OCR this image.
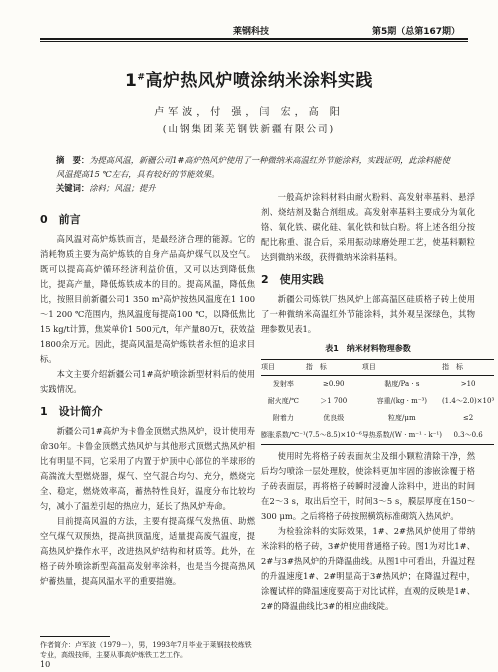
莱钢科技	第5期（总第167期）
1#高炉热风炉喷涂纳米涂料实践
卢军波，付 强，闫 宏，高 阳
(山钢集团莱芜钢铁新疆有限公司)
摘　要：为提高风温，新疆公司1#高炉热风炉使用了一种微纳米高温红外节能涂料，实践证明，此涂料能使风温提高15 ℃左右，具有较好的节能效果。
关键词：涂料；风温；提升
0　前言

高风温对高炉炼铁而言，是最经济合理的能源。它的消耗物质主要为高炉炼铁的自身产品高炉煤气以及空气。既可以提高高炉循环经济利益价值，又可以达到降低焦比，提高产量，降低炼铁成本的目的。提高风温，降低焦比，按照目前新疆公司1 350 m³高炉按热风温度在1 100～1 200 ℃范围内，热风温度每提高100 ℃，以降低焦比15 kg/t计算，焦炭单价1 500元/t，年产量80万t，获效益1800余万元。因此，提高风温是高炉炼铁者永恒的追求目标。

本文主要介绍新疆公司1#高炉喷涂新型材料后的使用实践情况。

1　设计简介

新疆公司1#高炉为卡鲁金顶燃式热风炉，设计使用寿命30年。卡鲁金顶燃式热风炉与其他形式顶燃式热风炉相比有明显不同，它采用了内置于炉顶中心部位的半球形的高湍流大型燃烧器，煤气、空气混合均匀、充分，燃烧完全、稳定，燃烧效率高，蓄热特性良好，温度分布比较均匀，减小了温差引起的热应力，延长了热风炉寿命。

目前提高风温的方法，主要有提高煤气发热值、助燃空气煤气双预热，提高拱顶温度，适量提高废气温度，提高热风炉操作水平，改进热风炉结构和材质等。此外，在格子砖外喷涂新型高温高发射率涂料，也是当今提高热风炉蓄热量，提高风温水平的重要措施。

一般高炉涂料材料由耐火粉料、高发射率基料、悬浮剂、烧结剂及黏合剂组成。高发射率基料主要成分为氧化铬、氧化铁、碳化硅、氧化铁和钛白粉。将上述各组分按配比称重、混合后，采用振动球磨处理工艺，使基料颗粒达到微纳米级，获得微纳米涂料基料。

2　使用实践

新疆公司炼铁厂热风炉上部高温区硅质格子砖上使用了一种微纳米高温红外节能涂料，其外观呈深绿色，其物理参数见表1。

表1　纳米材料物理参数
项目	指　标	项目	指　标
发射率	≥0.90	黏度/Pa · s	>10
耐火度/℃	＞1 700	容重/(kg · m⁻³)	(1.4～2.0)×10³
附着力	优良级	粒度/μm	≤2
膨胀系数/℃⁻¹	(7.5～8.5)×10⁻⁶	导热系数/(W · m⁻¹ · k⁻¹)	0.3～0.6

使用时先将格子砖表面灰尘及细小颗粒清除干净，然后均匀喷涂一层处理胶，使涂料更加牢固的渗嵌涂覆于格子砖表面层，再将格子砖瞬时浸瀹人涂料中，进出的时间在2～3 s，取出后空干，时间3～5 s，膜层厚度在150～300 μm。之后将格子砖按照横筑标准砌筑入热风炉。

为检验涂料的实际效果，1#、2#热风炉使用了带纳米涂料的格子砖，3#炉使用普通格子砖。图1为对比1#、2#与3#热风炉的升降温曲线。从图1中可看出，升温过程的升温速度1#、2#明显高于3#热风炉；在降温过程中，涂覆试样的降温速度要高于对比试样，直观的反映是1#、2#的降温曲线比3#的相应曲线陡。

作者简介：卢军波（1979－），男，1993年7月毕业于莱钢技校炼铁专业，高级技师，主要从事高炉炼铁工艺工作。
10
